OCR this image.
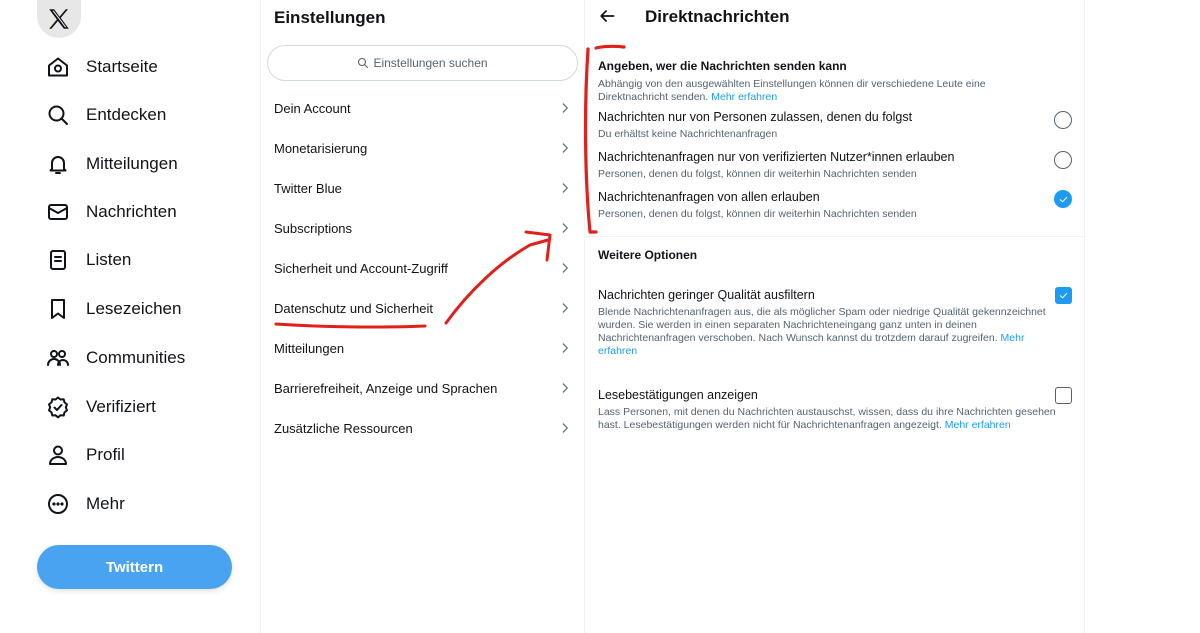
Startseite
Entdecken
Mitteilungen
Nachrichten
Listen
Lesezeichen
Communities
Verifiziert
Profil
Mehr
Twittern
Einstellungen
Einstellungen suchen
Dein Account
Monetarisierung
Twitter Blue
Subscriptions
Sicherheit und Account-Zugriff
Datenschutz und Sicherheit
Mitteilungen
Barrierefreiheit, Anzeige und Sprachen
Zusätzliche Ressourcen
Direktnachrichten
Angeben, wer die Nachrichten senden kann
Abhängig von den ausgewählten Einstellungen können dir verschiedene Leute eine Direktnachricht senden. Mehr erfahren
Nachrichten nur von Personen zulassen, denen du folgst
Du erhältst keine Nachrichtenanfragen
Nachrichtenanfragen nur von verifizierten Nutzer*innen erlauben
Personen, denen du folgst, können dir weiterhin Nachrichten senden
Nachrichtenanfragen von allen erlauben
Personen, denen du folgst, können dir weiterhin Nachrichten senden
Weitere Optionen
Nachrichten geringer Qualität ausfiltern
Blende Nachrichtenanfragen aus, die als möglicher Spam oder niedrige Qualität gekennzeichnet wurden. Sie werden in einen separaten Nachrichteneingang ganz unten in deinen Nachrichtenanfragen verschoben. Nach Wunsch kannst du trotzdem darauf zugreifen. Mehr erfahren
Lesebestätigungen anzeigen
Lass Personen, mit denen du Nachrichten austauschst, wissen, dass du ihre Nachrichten gesehen hast. Lesebestätigungen werden nicht für Nachrichtenanfragen angezeigt. Mehr erfahren
